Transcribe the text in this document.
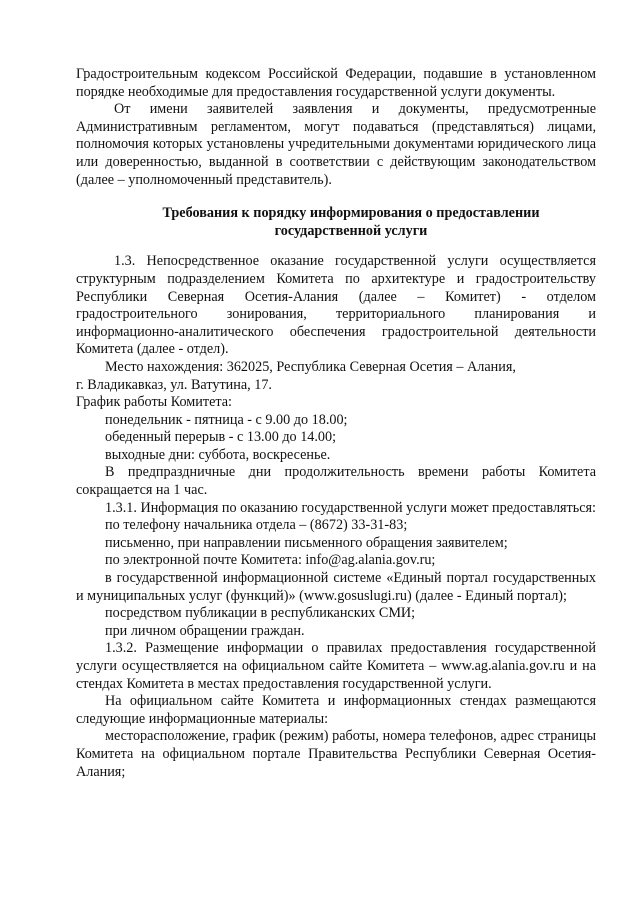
Градостроительным кодексом Российской Федерации, подавшие в установленном порядке необходимые для предоставления государственной услуги документы.

От имени заявителей заявления и документы, предусмотренные Административным регламентом, могут подаваться (представляться) лицами, полномочия которых установлены учредительными документами юридического лица или доверенностью, выданной в соответствии с действующим законодательством (далее – уполномоченный представитель).

Требования к порядку информирования о предоставлении
государственной услуги

1.3. Непосредственное оказание государственной услуги осуществляется структурным подразделением Комитета по архитектуре и градостроительству Республики Северная Осетия-Алания (далее – Комитет) - отделом градостроительного зонирования, территориального планирования и информационно-аналитического обеспечения градостроительной деятельности Комитета (далее - отдел).

Место нахождения: 362025, Республика Северная Осетия – Алания,

г. Владикавказ, ул. Ватутина, 17.

График работы Комитета:

понедельник - пятница - с 9.00 до 18.00;

обеденный перерыв - с 13.00 до 14.00;

выходные дни: суббота, воскресенье.

В предпраздничные дни продолжительность времени работы Комитета сокращается на 1 час.

1.3.1. Информация по оказанию государственной услуги может предоставляться:

по телефону начальника отдела – (8672) 33-31-83;

письменно, при направлении письменного обращения заявителем;

по электронной почте Комитета: info@ag.alania.gov.ru;

в государственной информационной системе «Единый портал государственных и муниципальных услуг (функций)» (www.gosuslugi.ru) (далее - Единый портал);

посредством публикации в республиканских СМИ;

при личном обращении граждан.

1.3.2. Размещение информации о правилах предоставления государственной услуги осуществляется на официальном сайте Комитета – www.ag.alania.gov.ru и на стендах Комитета в местах предоставления государственной услуги.

На официальном сайте Комитета и информационных стендах размещаются следующие информационные материалы:

месторасположение, график (режим) работы, номера телефонов, адрес страницы Комитета на официальном портале Правительства Республики Северная Осетия-Алания;
